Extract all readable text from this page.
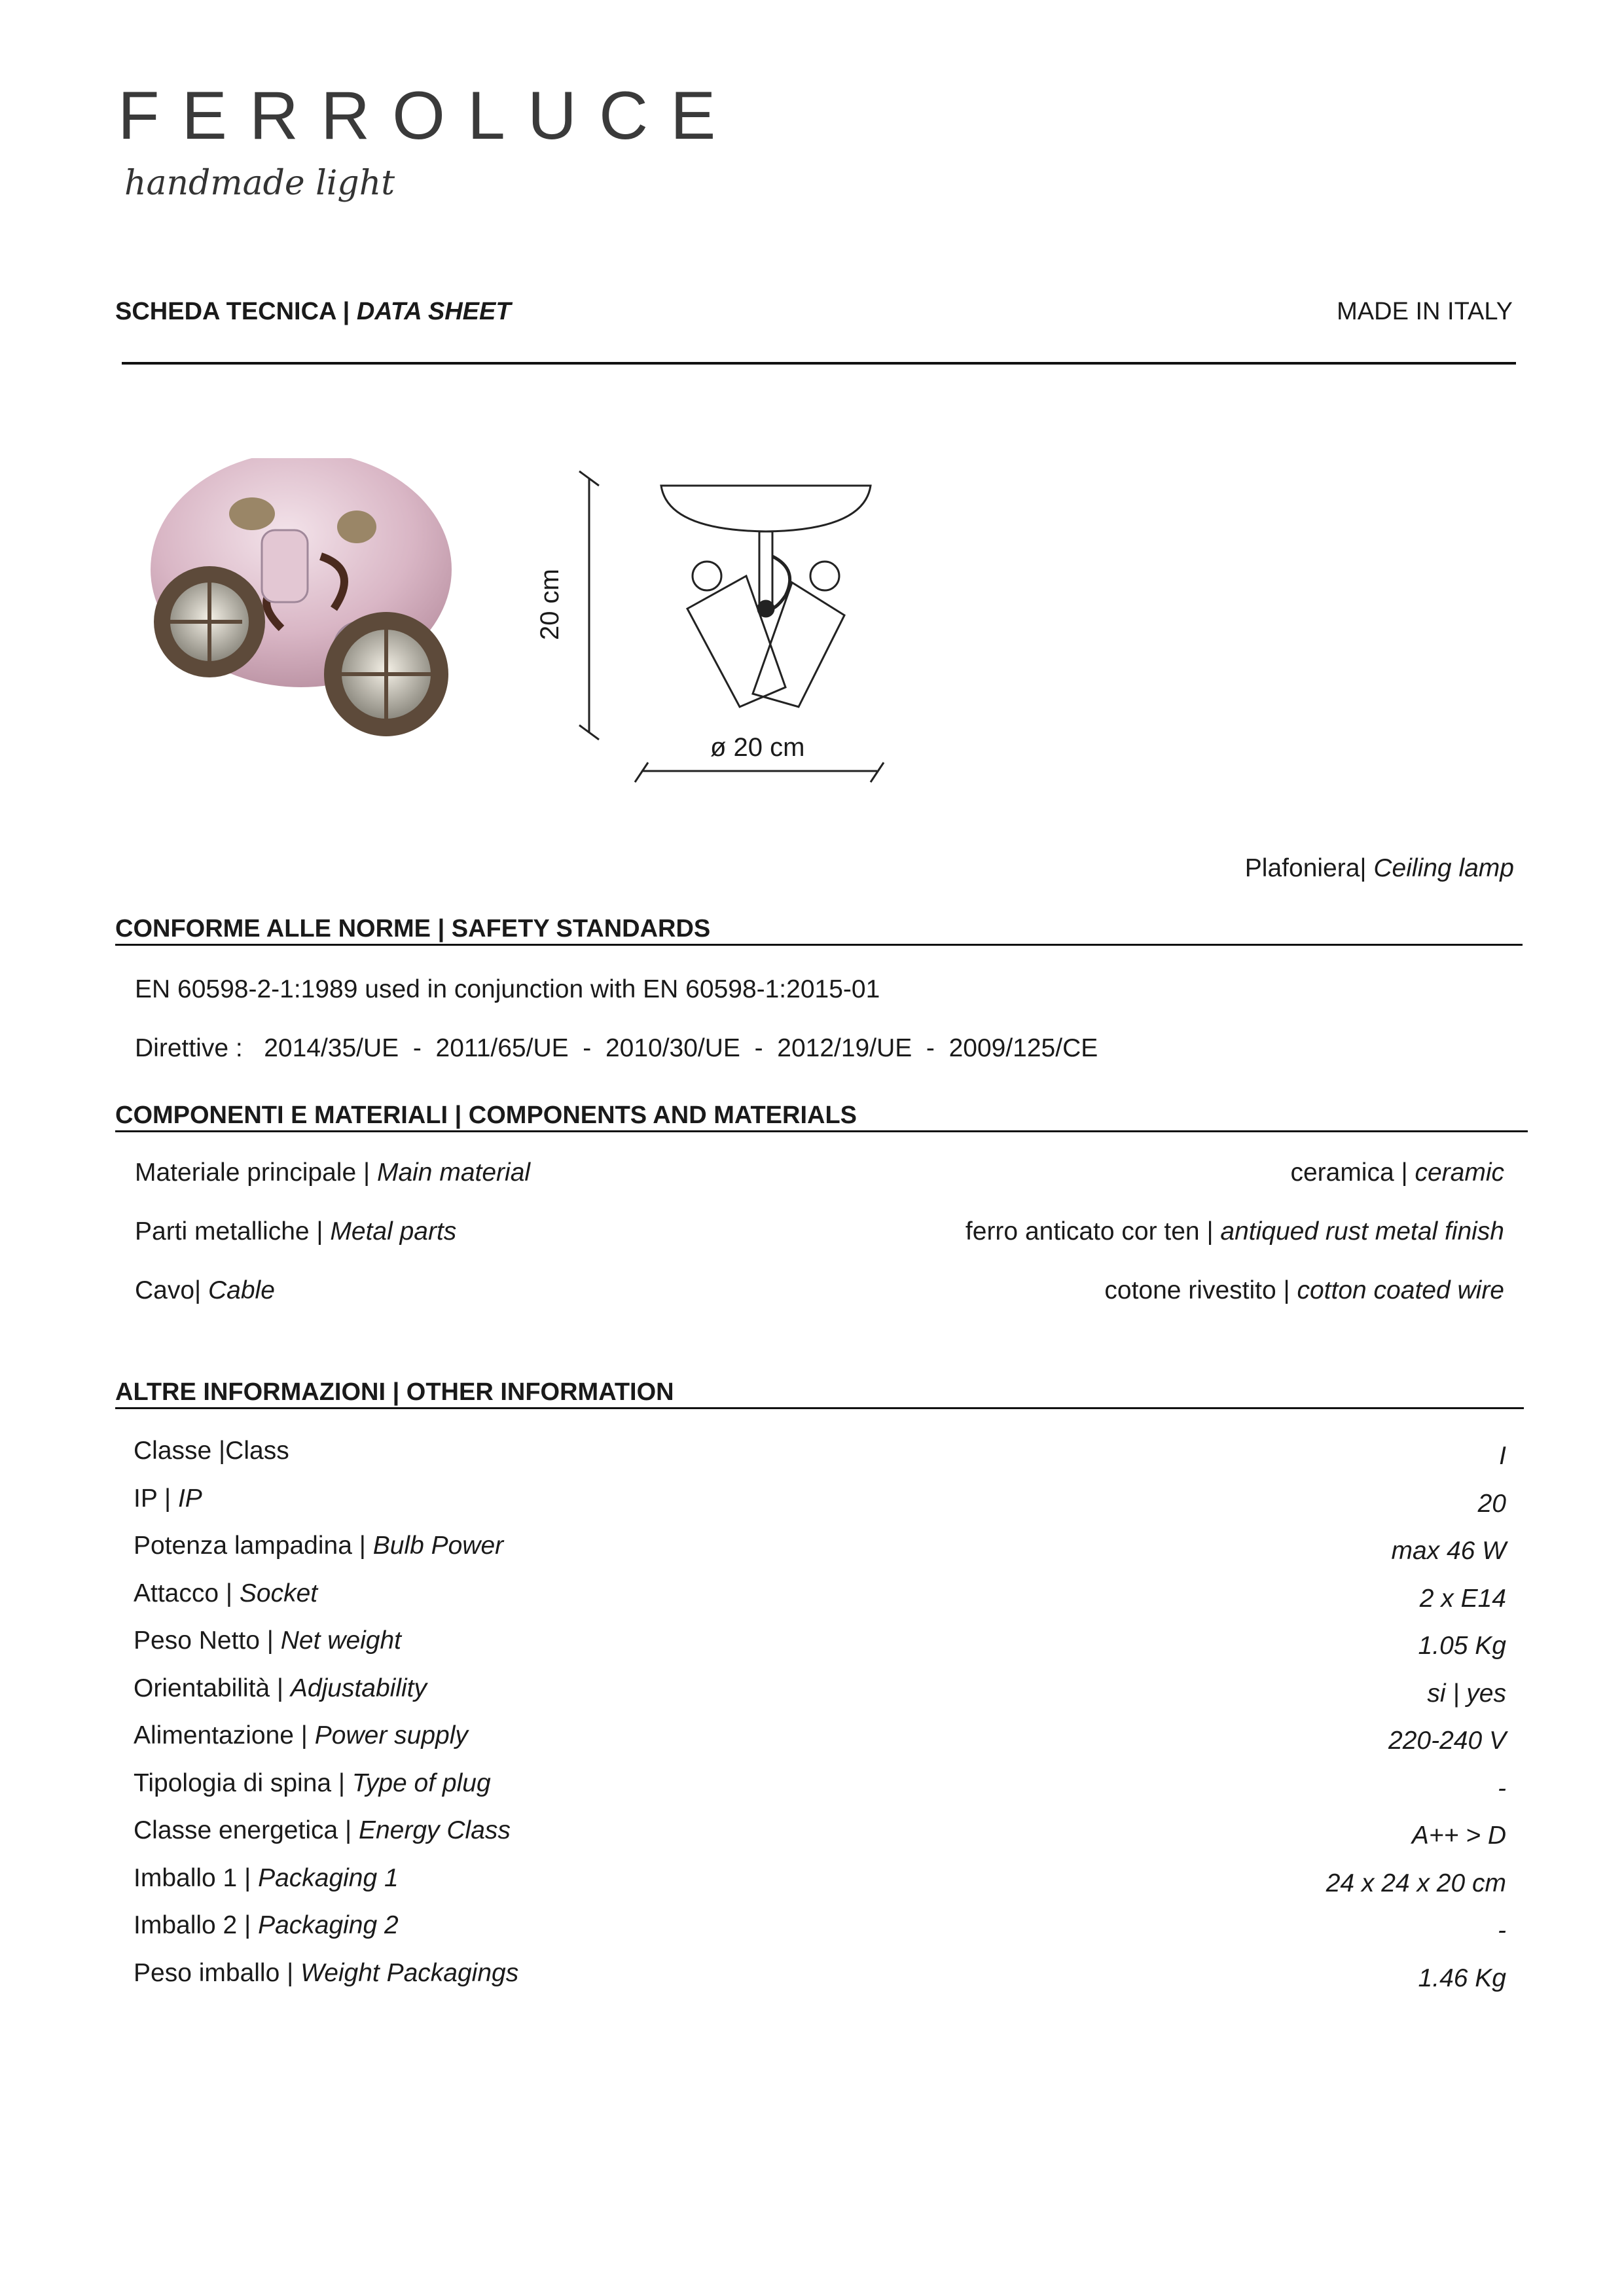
FERROLUCE
handmade light
SCHEDA TECNICA | DATA SHEET	MADE IN ITALY
20 cm
ø 20 cm
Plafoniera| Ceiling lamp
CONFORME ALLE NORME | SAFETY STANDARDS
EN 60598-2-1:1989 used in conjunction with EN 60598-1:2015-01
Direttive :   2014/35/UE  -  2011/65/UE  -  2010/30/UE  -  2012/19/UE  -  2009/125/CE
COMPONENTI E MATERIALI | COMPONENTS AND MATERIALS
Materiale principale | Main material	ceramica | ceramic
Parti metalliche | Metal parts	ferro anticato cor ten | antiqued rust metal finish
Cavo| Cable	cotone rivestito | cotton coated wire
ALTRE INFORMAZIONI | OTHER INFORMATION
Classe |Class	I
IP | IP	20
Potenza lampadina | Bulb Power	max 46 W
Attacco | Socket	2 x E14
Peso Netto | Net weight	1.05 Kg
Orientabilità | Adjustability	si | yes
Alimentazione | Power supply	220-240 V
Tipologia di spina | Type of plug	-
Classe energetica | Energy Class	A++ > D
Imballo 1 | Packaging 1	24 x 24 x 20 cm
Imballo 2 | Packaging 2	-
Peso imballo | Weight Packagings	1.46 Kg
